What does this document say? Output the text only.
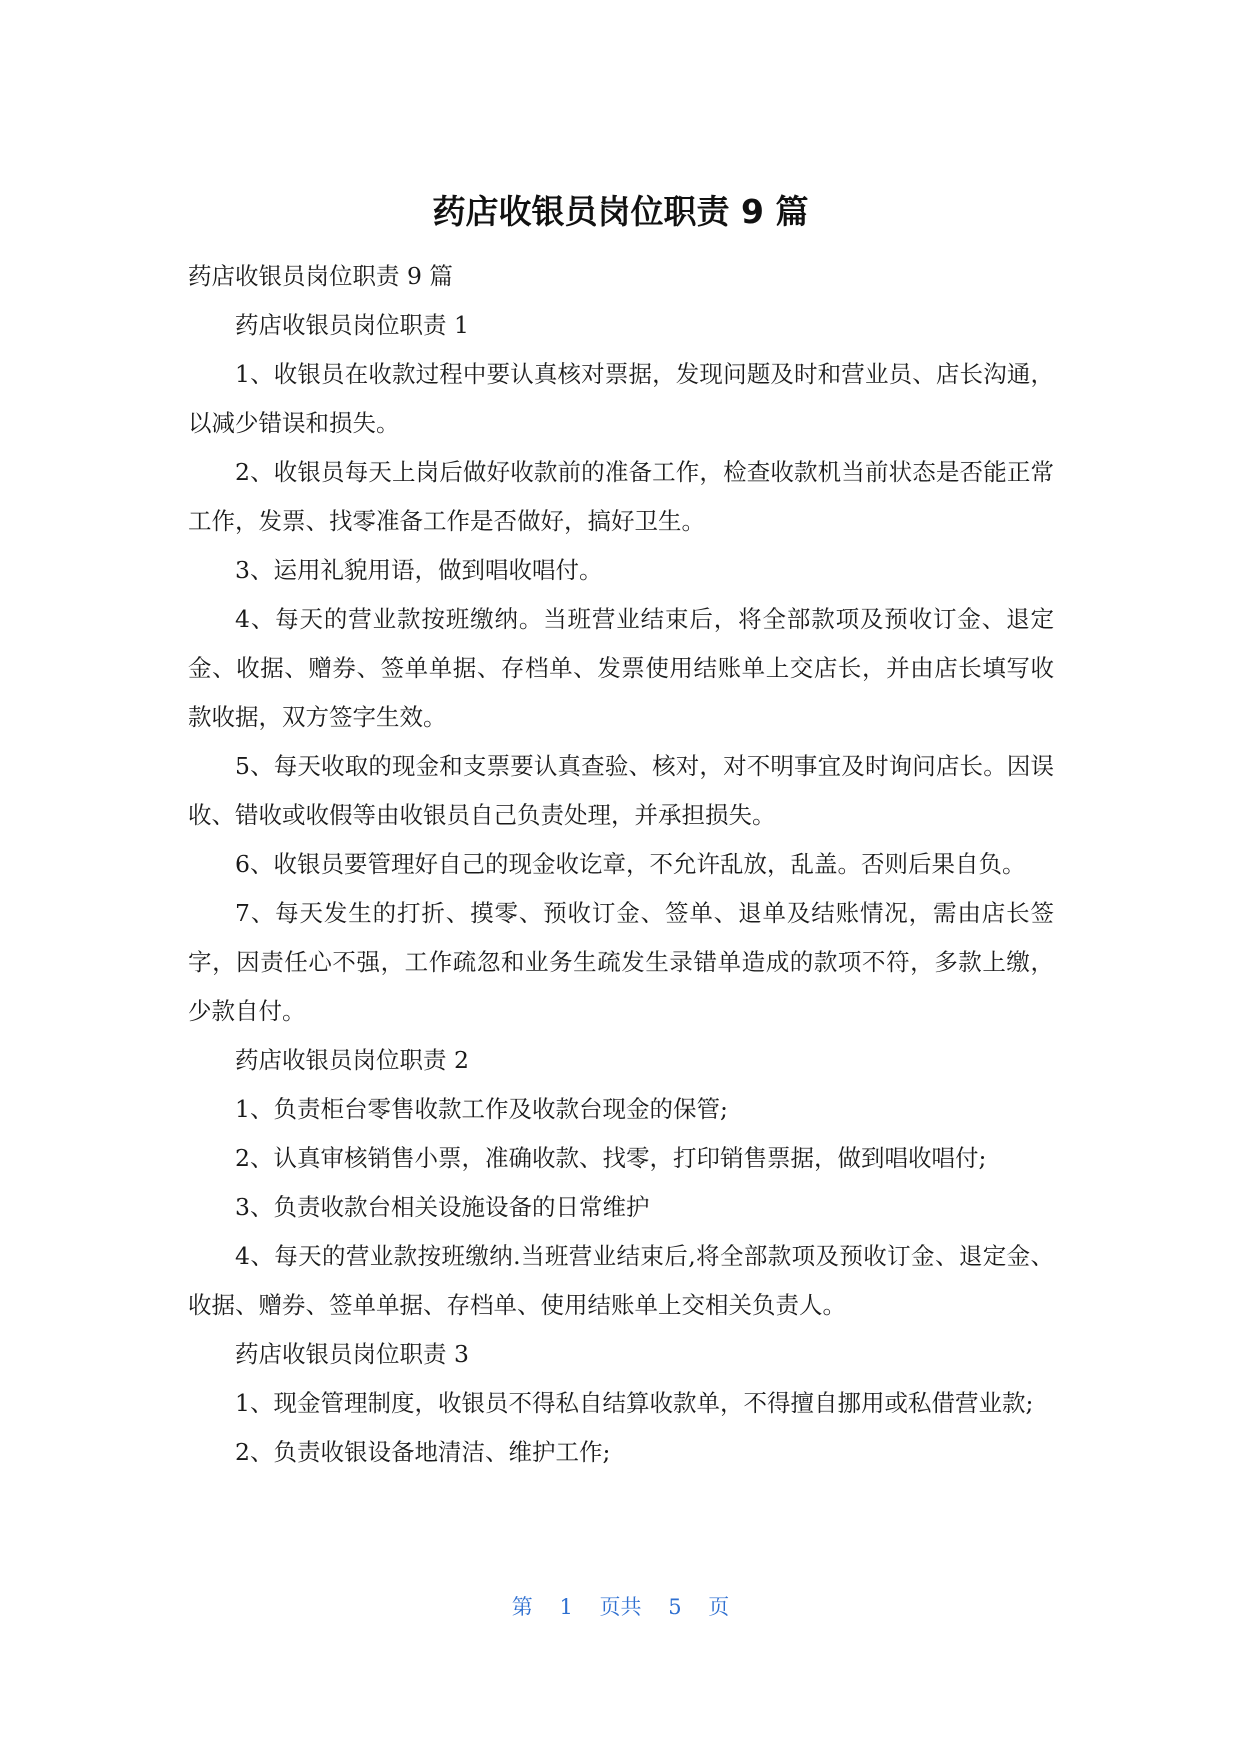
药店收银员岗位职责 9 篇

药店收银员岗位职责 9 篇

药店收银员岗位职责 1

1、收银员在收款过程中要认真核对票据，发现问题及时和营业员、店长沟通，以减少错误和损失。

2、收银员每天上岗后做好收款前的准备工作，检查收款机当前状态是否能正常工作，发票、找零准备工作是否做好，搞好卫生。

3、运用礼貌用语，做到唱收唱付。

4、每天的营业款按班缴纳。当班营业结束后，将全部款项及预收订金、退定金、收据、赠券、签单单据、存档单、发票使用结账单上交店长，并由店长填写收款收据，双方签字生效。

5、每天收取的现金和支票要认真查验、核对，对不明事宜及时询问店长。因误收、错收或收假等由收银员自己负责处理，并承担损失。

6、收银员要管理好自己的现金收讫章，不允许乱放，乱盖。否则后果自负。

7、每天发生的打折、摸零、预收订金、签单、退单及结账情况，需由店长签字，因责任心不强，工作疏忽和业务生疏发生录错单造成的款项不符，多款上缴，少款自付。

药店收银员岗位职责 2

1、负责柜台零售收款工作及收款台现金的保管;

2、认真审核销售小票，准确收款、找零，打印销售票据，做到唱收唱付;

3、负责收款台相关设施设备的日常维护

4、每天的营业款按班缴纳.当班营业结束后,将全部款项及预收订金、退定金、收据、赠券、签单单据、存档单、使用结账单上交相关负责人。

药店收银员岗位职责 3

1、现金管理制度，收银员不得私自结算收款单，不得擅自挪用或私借营业款;

2、负责收银设备地清洁、维护工作;

第 1 页共 5 页
